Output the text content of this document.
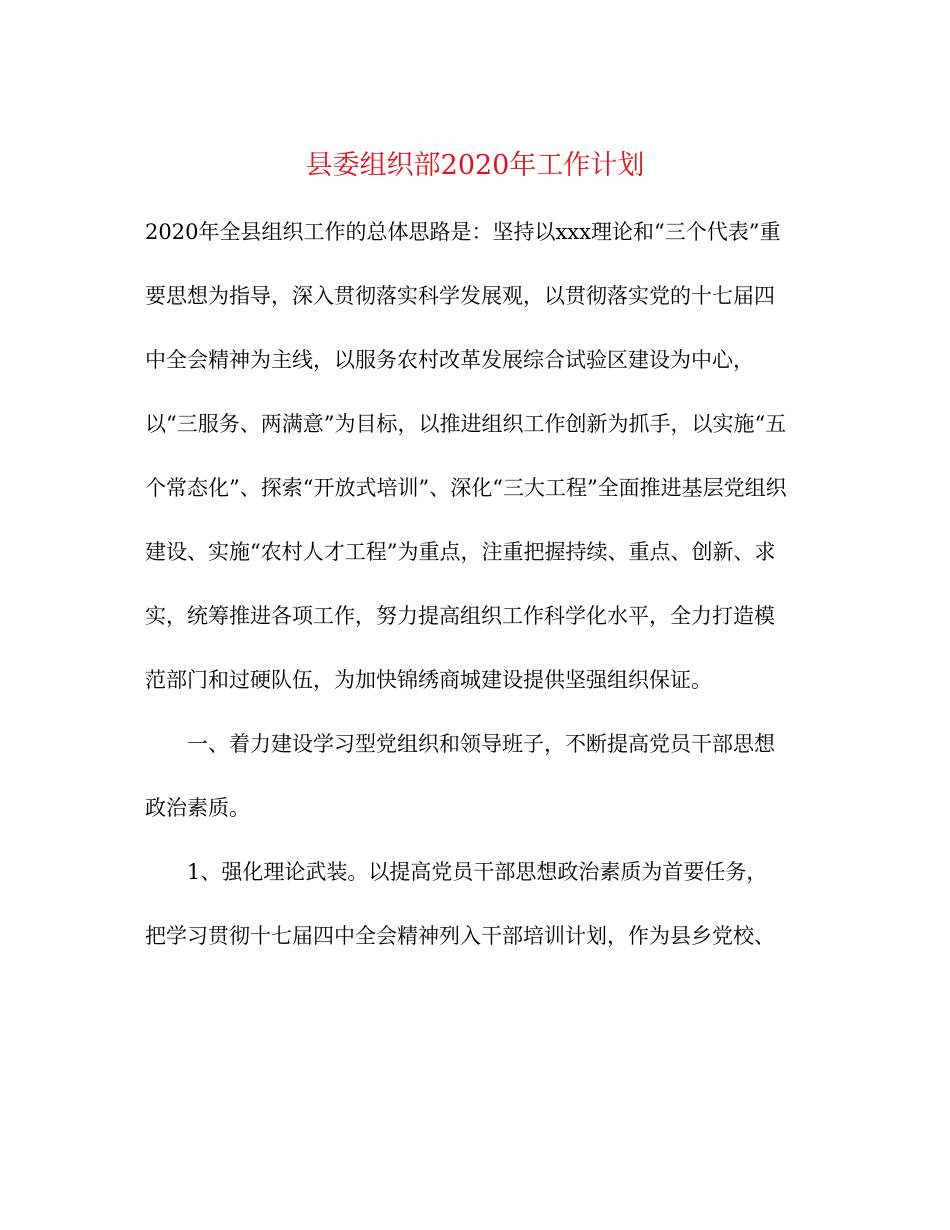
县委组织部2020年工作计划
2020年全县组织工作的总体思路是：坚持以xxx理论和“三个代表”重
要思想为指导，深入贯彻落实科学发展观，以贯彻落实党的十七届四
中全会精神为主线，以服务农村改革发展综合试验区建设为中心，
以“三服务、两满意”为目标，以推进组织工作创新为抓手，以实施“五
个常态化”、探索“开放式培训”、深化“三大工程”全面推进基层党组织
建设、实施“农村人才工程”为重点，注重把握持续、重点、创新、求
实，统筹推进各项工作，努力提高组织工作科学化水平，全力打造模
范部门和过硬队伍，为加快锦绣商城建设提供坚强组织保证。
　　一、着力建设学习型党组织和领导班子，不断提高党员干部思想
政治素质。
　　1、强化理论武装。以提高党员干部思想政治素质为首要任务，
把学习贯彻十七届四中全会精神列入干部培训计划，作为县乡党校、
